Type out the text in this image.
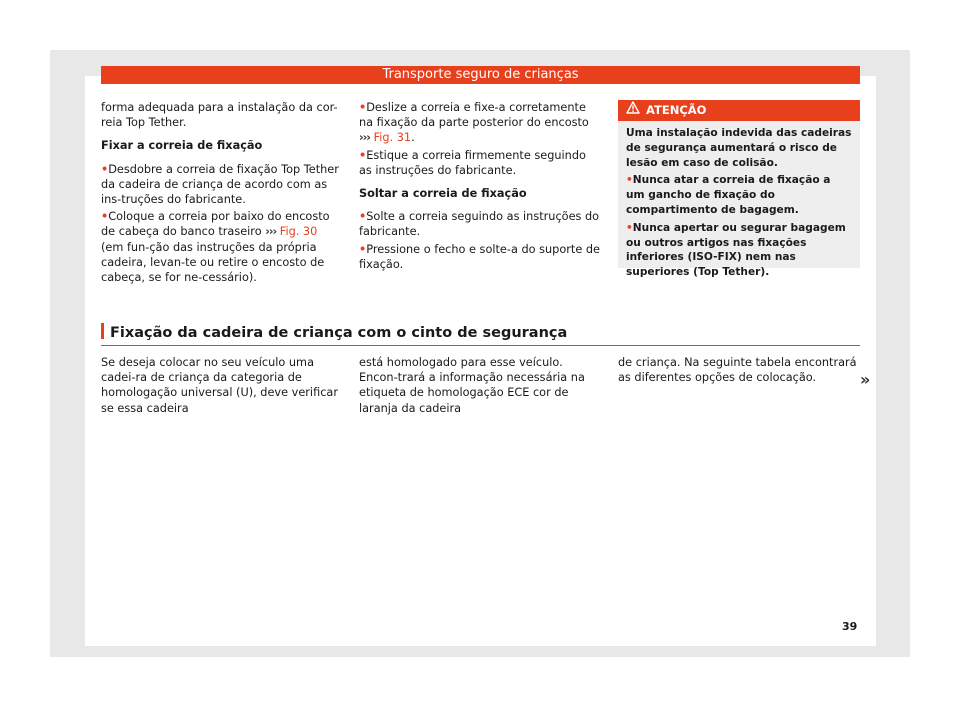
Transporte seguro de crianças

forma adequada para a instalação da cor-reia Top Tether.

Fixar a correia de fixação

• Desdobre a correia de fixação Top Tether da cadeira de criança de acordo com as ins-truções do fabricante.

• Coloque a correia por baixo do encosto de cabeça do banco traseiro ››› Fig. 30 (em fun-ção das instruções da própria cadeira, levan-te ou retire o encosto de cabeça, se for ne-cessário).

• Deslize a correia e fixe-a corretamente na fixação da parte posterior do encosto ››› Fig. 31.

• Estique a correia firmemente seguindo as instruções do fabricante.

Soltar a correia de fixação

• Solte a correia seguindo as instruções do fabricante.

• Pressione o fecho e solte-a do suporte de fixação.

ATENÇÃO

Uma instalação indevida das cadeiras de segurança aumentará o risco de lesão em caso de colisão.

• Nunca atar a correia de fixação a um gancho de fixação do compartimento de bagagem.

• Nunca apertar ou segurar bagagem ou outros artigos nas fixações inferiores (ISO-FIX) nem nas superiores (Top Tether).

Fixação da cadeira de criança com o cinto de segurança

Se deseja colocar no seu veículo uma cadei-ra de criança da categoria de homologação universal (U), deve verificar se essa cadeira

está homologado para esse veículo. Encon-trará a informação necessária na etiqueta de homologação ECE cor de laranja da cadeira

de criança. Na seguinte tabela encontrará as diferentes opções de colocação.	»
39
